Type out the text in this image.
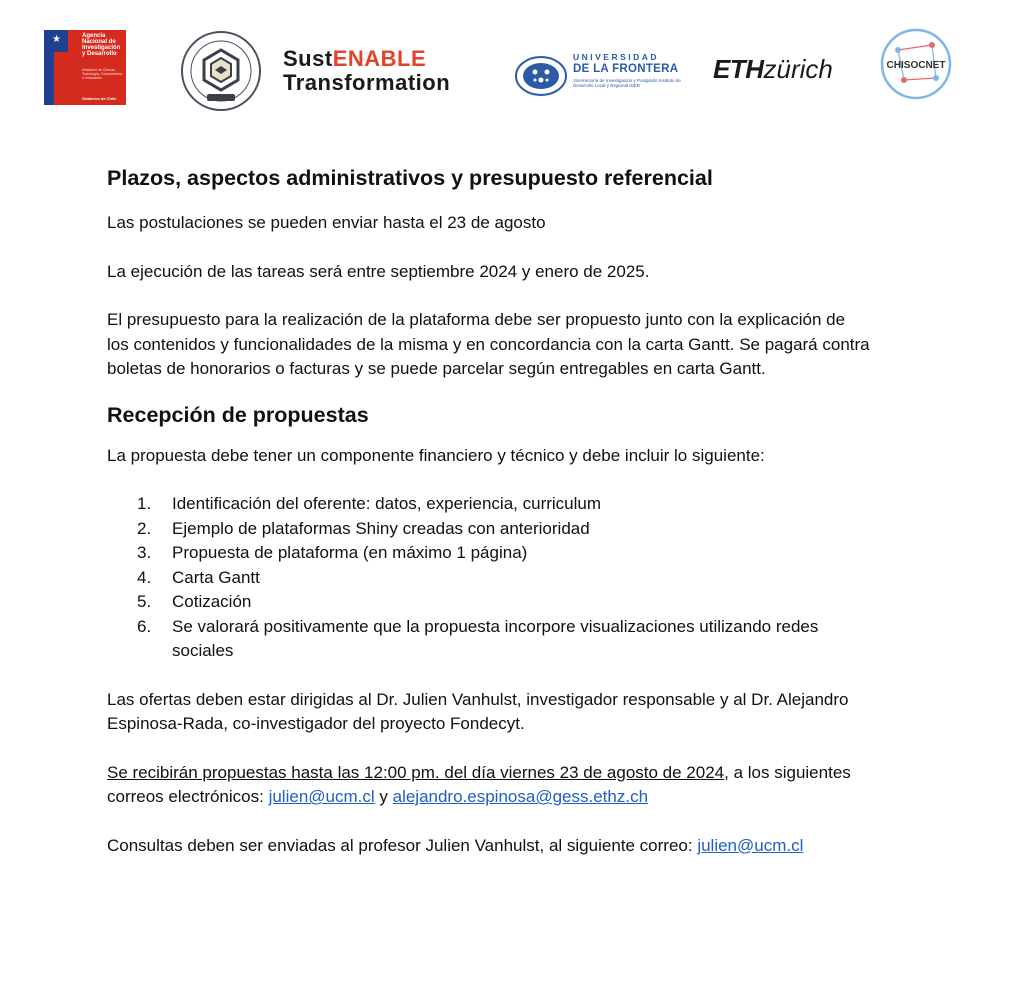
★	Agencia Nacional de Investigación y Desarrollo
Ministerio de Ciencia, Tecnología, Conocimiento e Innovación
Gobierno de Chile
SustENABLE
Transformation
UNIVERSIDAD
DE LA FRONTERA
Vicerrectoría de Investigación y Postgrado Instituto de Desarrollo Local y Regional IDER
ETHzürich	CHISOCNET
Plazos, aspectos administrativos y presupuesto referencial

Las postulaciones se pueden enviar hasta el 23 de agosto

La ejecución de las tareas será entre septiembre 2024 y enero de 2025.

El presupuesto para la realización de la plataforma debe ser propuesto junto con la explicación de

los contenidos y funcionalidades de la misma y en concordancia con la carta Gantt. Se pagará contra

boletas de honorarios o facturas y se puede parcelar según entregables en carta Gantt.

Recepción de propuestas

La propuesta debe tener un componente financiero y técnico y debe incluir lo siguiente:

1. Identificación del oferente: datos, experiencia, curriculum
2. Ejemplo de plataformas Shiny creadas con anterioridad
3. Propuesta de plataforma (en máximo 1 página)
4. Carta Gantt
5. Cotización
6. Se valorará positivamente que la propuesta incorpore visualizaciones utilizando redes
sociales

Las ofertas deben estar dirigidas al Dr. Julien Vanhulst, investigador responsable y al Dr. Alejandro

Espinosa-Rada, co-investigador del proyecto Fondecyt.

Se recibirán propuestas hasta las 12:00 pm. del día viernes 23 de agosto de 2024, a los siguientes

correos electrónicos: julien@ucm.cl y alejandro.espinosa@gess.ethz.ch

Consultas deben ser enviadas al profesor Julien Vanhulst, al siguiente correo: julien@ucm.cl
